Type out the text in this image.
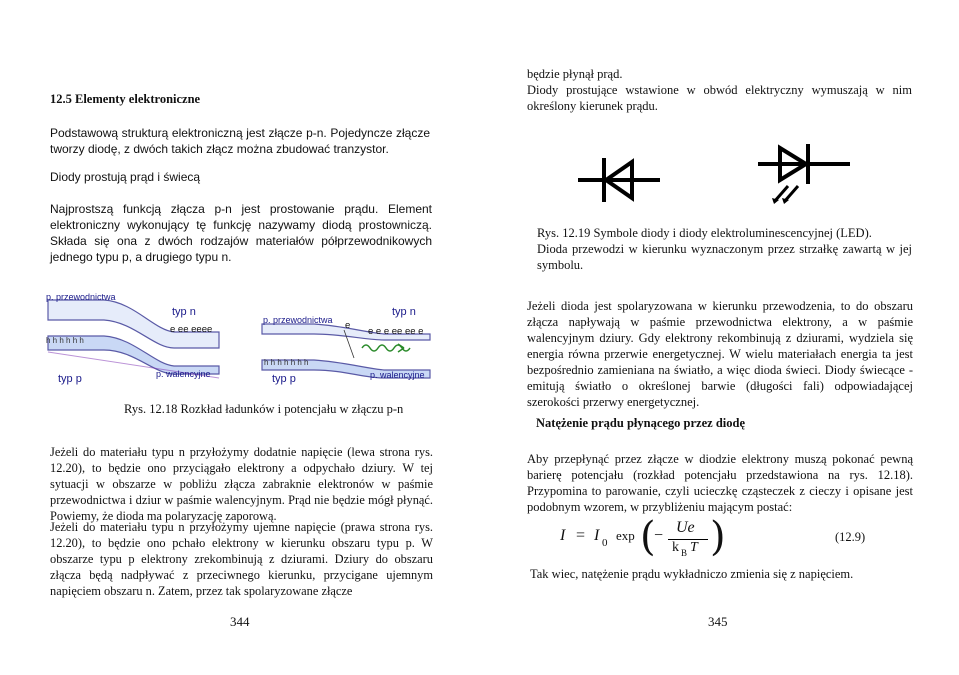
12.5 Elementy elektroniczne
Podstawową strukturą elektroniczną jest złącze p-n. Pojedyncze złącze tworzy diodę, z dwóch takich złącz można zbudować tranzystor.
Diody prostują prąd i świecą
Najprostszą funkcją złącza p-n jest prostowanie prądu. Element elektroniczny wykonujący tę funkcję nazywamy diodą prostowniczą. Składa się ona z dwóch rodzajów materiałów półprzewodnikowych jednego typu p, a drugiego typu n.
p. przewodnictwa
typ n
e ee eeee
h h h h h h
p. walencyjne
typ p
p. przewodnictwa
typ n
e
e e e ee ee e
h h h h h h h
p. walencyjne
typ p
Rys. 12.18 Rozkład ładunków i potencjału w złączu p-n
Jeżeli do materiału typu n przyłożymy dodatnie napięcie (lewa strona rys. 12.20), to będzie ono przyciągało elektrony a odpychało dziury. W tej sytuacji w obszarze w pobliżu złącza zabraknie elektronów w paśmie przewodnictwa i dziur w paśmie walencyjnym. Prąd nie będzie mógł płynąć. Powiemy, że dioda ma polaryzację zaporową.
Jeżeli do materiału typu n przyłożymy ujemne napięcie (prawa strona rys. 12.20), to będzie ono pchało elektrony w kierunku obszaru typu p. W obszarze typu p elektrony zrekombinują z dziurami. Dziury do obszaru złącza będą nadpływać z przeciwnego kierunku, przycigane ujemnym napięciem obszaru n. Zatem, przez tak spolaryzowane złącze
344
będzie płynął prąd.
Diody prostujące wstawione w obwód elektryczny wymuszają w nim określony kierunek prądu.
Rys. 12.19 Symbole diody i diody elektroluminescencyjnej (LED).
Dioda przewodzi w kierunku wyznaczonym przez strzałkę zawartą w jej symbolu.
Jeżeli dioda jest spolaryzowana w kierunku przewodzenia, to do obszaru złącza napływają w paśmie przewodnictwa elektrony, a w paśmie walencyjnym dziury. Gdy elektrony rekombinują z dziurami, wydziela się energia równa przerwie energetycznej. W wielu materiałach energia ta jest bezpośrednio zamieniana na światło, a więc dioda świeci. Diody świecące - emitują światło o określonej barwie (długości fali) odpowiadającej szerokości przerwy energetycznej.
Natężenie prądu płynącego przez diodę
Aby przepłynąć przez złącze w diodzie elektrony muszą pokonać pewną barierę potencjału (rozkład potencjału przedstawiona na rys. 12.18). Przypomina to parowanie, czyli ucieczkę cząsteczek z cieczy i opisane jest podobnym wzorem, w przybliżeniu mającym postać:
I = I 0 exp (
− Ue
k B T )	(12.9)
Tak wiec, natężenie prądu wykładniczo zmienia się z napięciem.
345
